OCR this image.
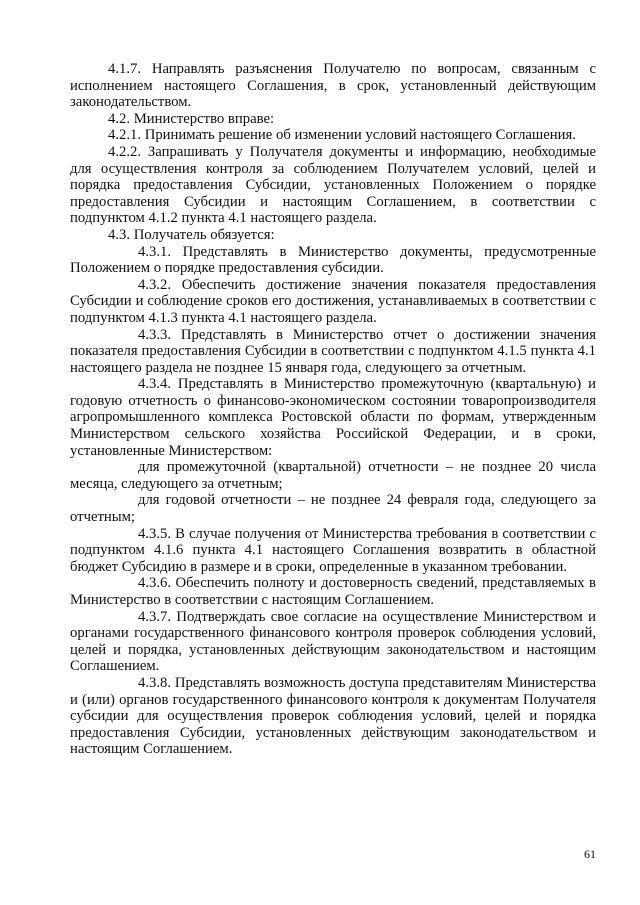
4.1.7. Направлять разъяснения Получателю по вопросам, связанным с исполнением настоящего Соглашения, в срок, установленный действующим законодательством.

4.2. Министерство вправе:

4.2.1. Принимать решение об изменении условий настоящего Соглашения.

4.2.2. Запрашивать у Получателя документы и информацию, необходимые для осуществления контроля за соблюдением Получателем условий, целей и порядка предоставления Субсидии, установленных Положением о порядке предоставления Субсидии и настоящим Соглашением, в соответствии с подпунктом 4.1.2 пункта 4.1 настоящего раздела.

4.3. Получатель обязуется:

4.3.1. Представлять в Министерство документы, предусмотренные Положением о порядке предоставления субсидии.

4.3.2. Обеспечить достижение значения показателя предоставления Субсидии и соблюдение сроков его достижения, устанавливаемых в соответствии с подпунктом 4.1.3 пункта 4.1 настоящего раздела.

4.3.3. Представлять в Министерство отчет о достижении значения показателя предоставления Субсидии в соответствии с подпунктом 4.1.5 пункта 4.1 настоящего раздела не позднее 15 января года, следующего за отчетным.

4.3.4. Представлять в Министерство промежуточную (квартальную) и годовую отчетность о финансово-экономическом состоянии товаропроизводителя агропромышленного комплекса Ростовской области по формам, утвержденным Министерством сельского хозяйства Российской Федерации, и в сроки, установленные Министерством:

для промежуточной (квартальной) отчетности – не позднее 20 числа месяца, следующего за отчетным;

для годовой отчетности – не позднее 24 февраля года, следующего за отчетным;

4.3.5. В случае получения от Министерства требования в соответствии с подпунктом 4.1.6 пункта 4.1 настоящего Соглашения возвратить в областной бюджет Субсидию в размере и в сроки, определенные в указанном требовании.

4.3.6. Обеспечить полноту и достоверность сведений, представляемых в Министерство в соответствии с настоящим Соглашением.

4.3.7. Подтверждать свое согласие на осуществление Министерством и органами государственного финансового контроля проверок соблюдения условий, целей и порядка, установленных действующим законодательством и настоящим Соглашением.

4.3.8. Представлять возможность доступа представителям Министерства и (или) органов государственного финансового контроля к документам Получателя субсидии для осуществления проверок соблюдения условий, целей и порядка предоставления Субсидии, установленных действующим законодательством и настоящим Соглашением.

61
